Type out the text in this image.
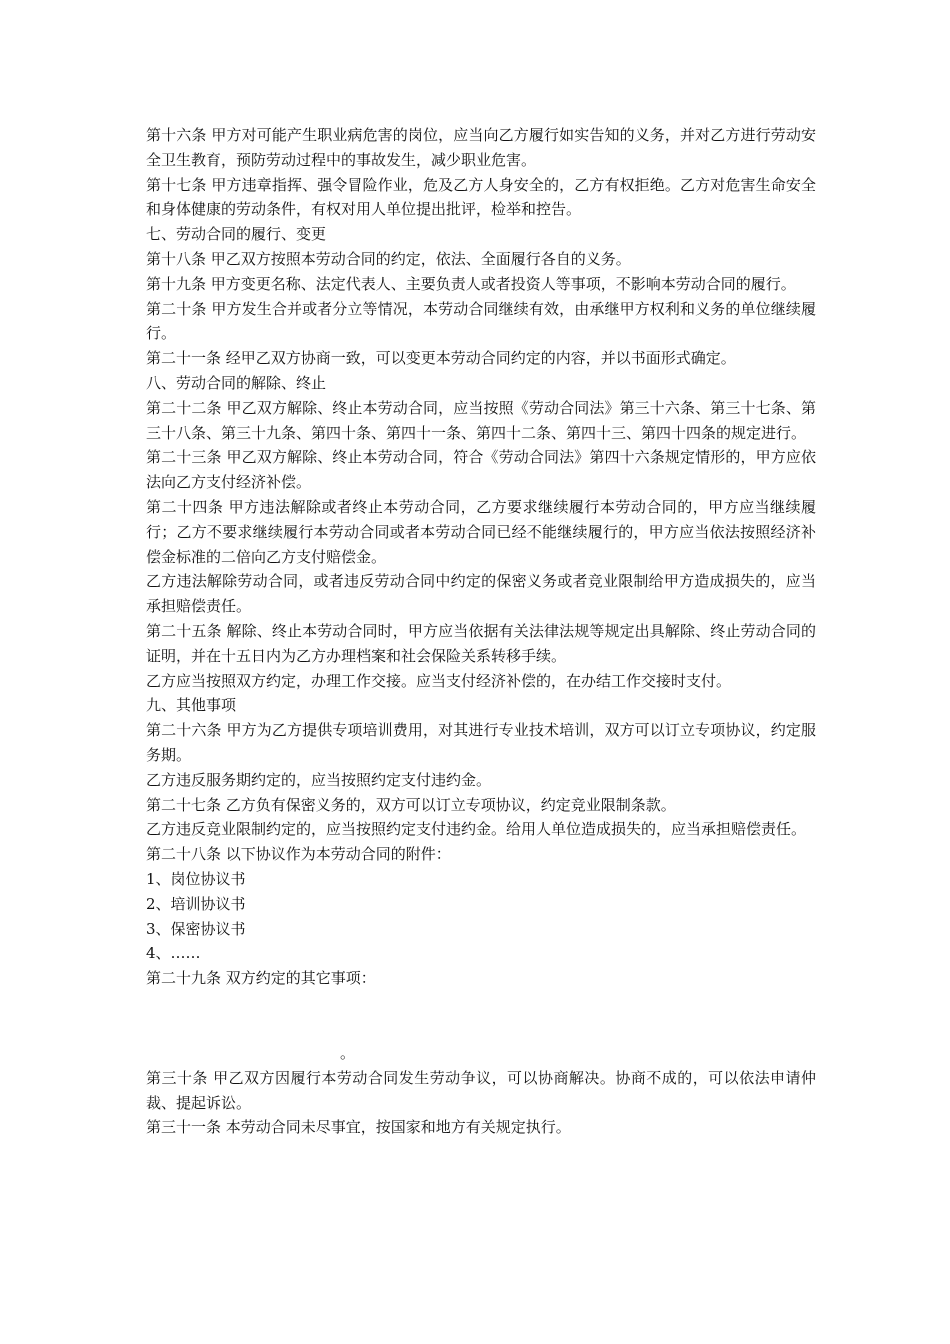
第十六条 甲方对可能产生职业病危害的岗位，应当向乙方履行如实告知的义务，并对乙方进行劳动安全卫生教育，预防劳动过程中的事故发生，减少职业危害。

第十七条 甲方违章指挥、强令冒险作业，危及乙方人身安全的，乙方有权拒绝。乙方对危害生命安全和身体健康的劳动条件，有权对用人单位提出批评，检举和控告。

七、劳动合同的履行、变更

第十八条 甲乙双方按照本劳动合同的约定，依法、全面履行各自的义务。

第十九条 甲方变更名称、法定代表人、主要负责人或者投资人等事项，不影响本劳动合同的履行。

第二十条 甲方发生合并或者分立等情况，本劳动合同继续有效，由承继甲方权利和义务的单位继续履行。

第二十一条 经甲乙双方协商一致，可以变更本劳动合同约定的内容，并以书面形式确定。

八、劳动合同的解除、终止

第二十二条 甲乙双方解除、终止本劳动合同，应当按照《劳动合同法》第三十六条、第三十七条、第三十八条、第三十九条、第四十条、第四十一条、第四十二条、第四十三、第四十四条的规定进行。

第二十三条 甲乙双方解除、终止本劳动合同，符合《劳动合同法》第四十六条规定情形的，甲方应依法向乙方支付经济补偿。

第二十四条 甲方违法解除或者终止本劳动合同，乙方要求继续履行本劳动合同的，甲方应当继续履行；乙方不要求继续履行本劳动合同或者本劳动合同已经不能继续履行的，甲方应当依法按照经济补偿金标准的二倍向乙方支付赔偿金。

乙方违法解除劳动合同，或者违反劳动合同中约定的保密义务或者竞业限制给甲方造成损失的，应当承担赔偿责任。

第二十五条 解除、终止本劳动合同时，甲方应当依据有关法律法规等规定出具解除、终止劳动合同的证明，并在十五日内为乙方办理档案和社会保险关系转移手续。

乙方应当按照双方约定，办理工作交接。应当支付经济补偿的，在办结工作交接时支付。

九、其他事项

第二十六条 甲方为乙方提供专项培训费用，对其进行专业技术培训，双方可以订立专项协议，约定服务期。

乙方违反服务期约定的，应当按照约定支付违约金。

第二十七条 乙方负有保密义务的，双方可以订立专项协议，约定竞业限制条款。

乙方违反竞业限制约定的，应当按照约定支付违约金。给用人单位造成损失的，应当承担赔偿责任。

第二十八条 以下协议作为本劳动合同的附件：

1、岗位协议书

2、培训协议书

3、保密协议书

4、……

第二十九条 双方约定的其它事项：

。

第三十条 甲乙双方因履行本劳动合同发生劳动争议，可以协商解决。协商不成的，可以依法申请仲裁、提起诉讼。

第三十一条 本劳动合同未尽事宜，按国家和地方有关规定执行。
